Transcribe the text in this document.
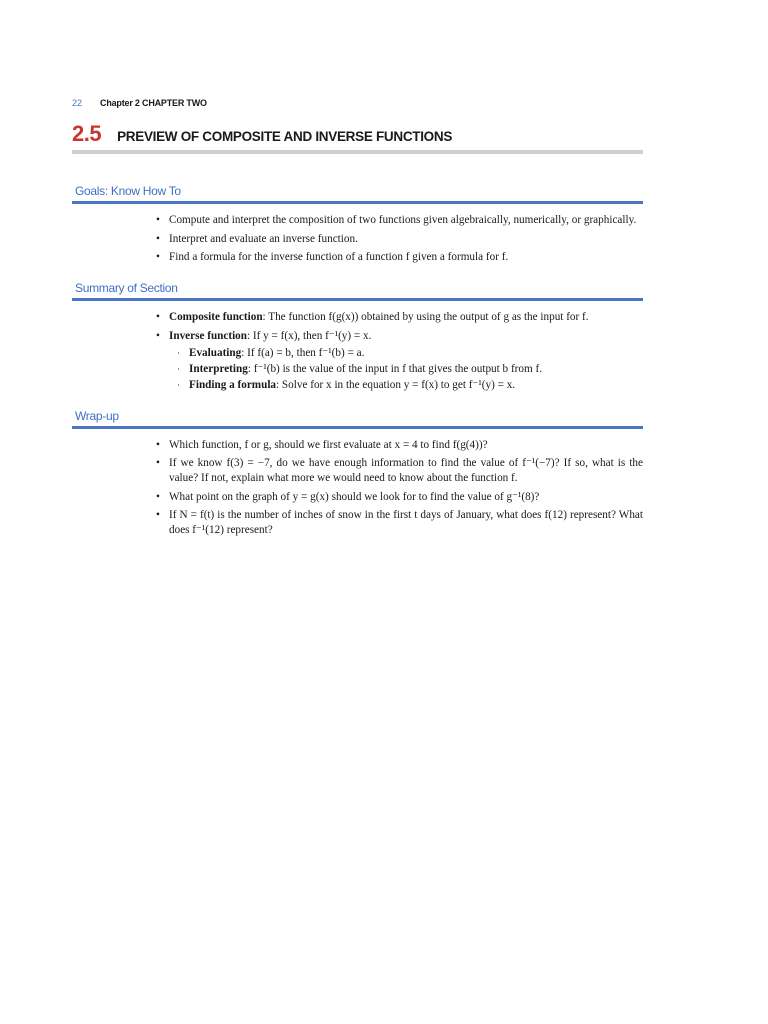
22 Chapter 2 CHAPTER TWO
2.5 PREVIEW OF COMPOSITE AND INVERSE FUNCTIONS
Goals: Know How To
• Compute and interpret the composition of two functions given algebraically, numerically, or graphically.
• Interpret and evaluate an inverse function.
• Find a formula for the inverse function of a function f given a formula for f.
Summary of Section
• Composite function: The function f(g(x)) obtained by using the output of g as the input for f.
• Inverse function: If y = f(x), then f⁻¹(y) = x.
· Evaluating: If f(a) = b, then f⁻¹(b) = a.
· Interpreting: f⁻¹(b) is the value of the input in f that gives the output b from f.
· Finding a formula: Solve for x in the equation y = f(x) to get f⁻¹(y) = x.
Wrap-up
• Which function, f or g, should we first evaluate at x = 4 to find f(g(4))?
• If we know f(3) = −7, do we have enough information to find the value of f⁻¹(−7)? If so, what is the value? If not, explain what more we would need to know about the function f.
• What point on the graph of y = g(x) should we look for to find the value of g⁻¹(8)?
• If N = f(t) is the number of inches of snow in the first t days of January, what does f(12) represent? What does f⁻¹(12) represent?
